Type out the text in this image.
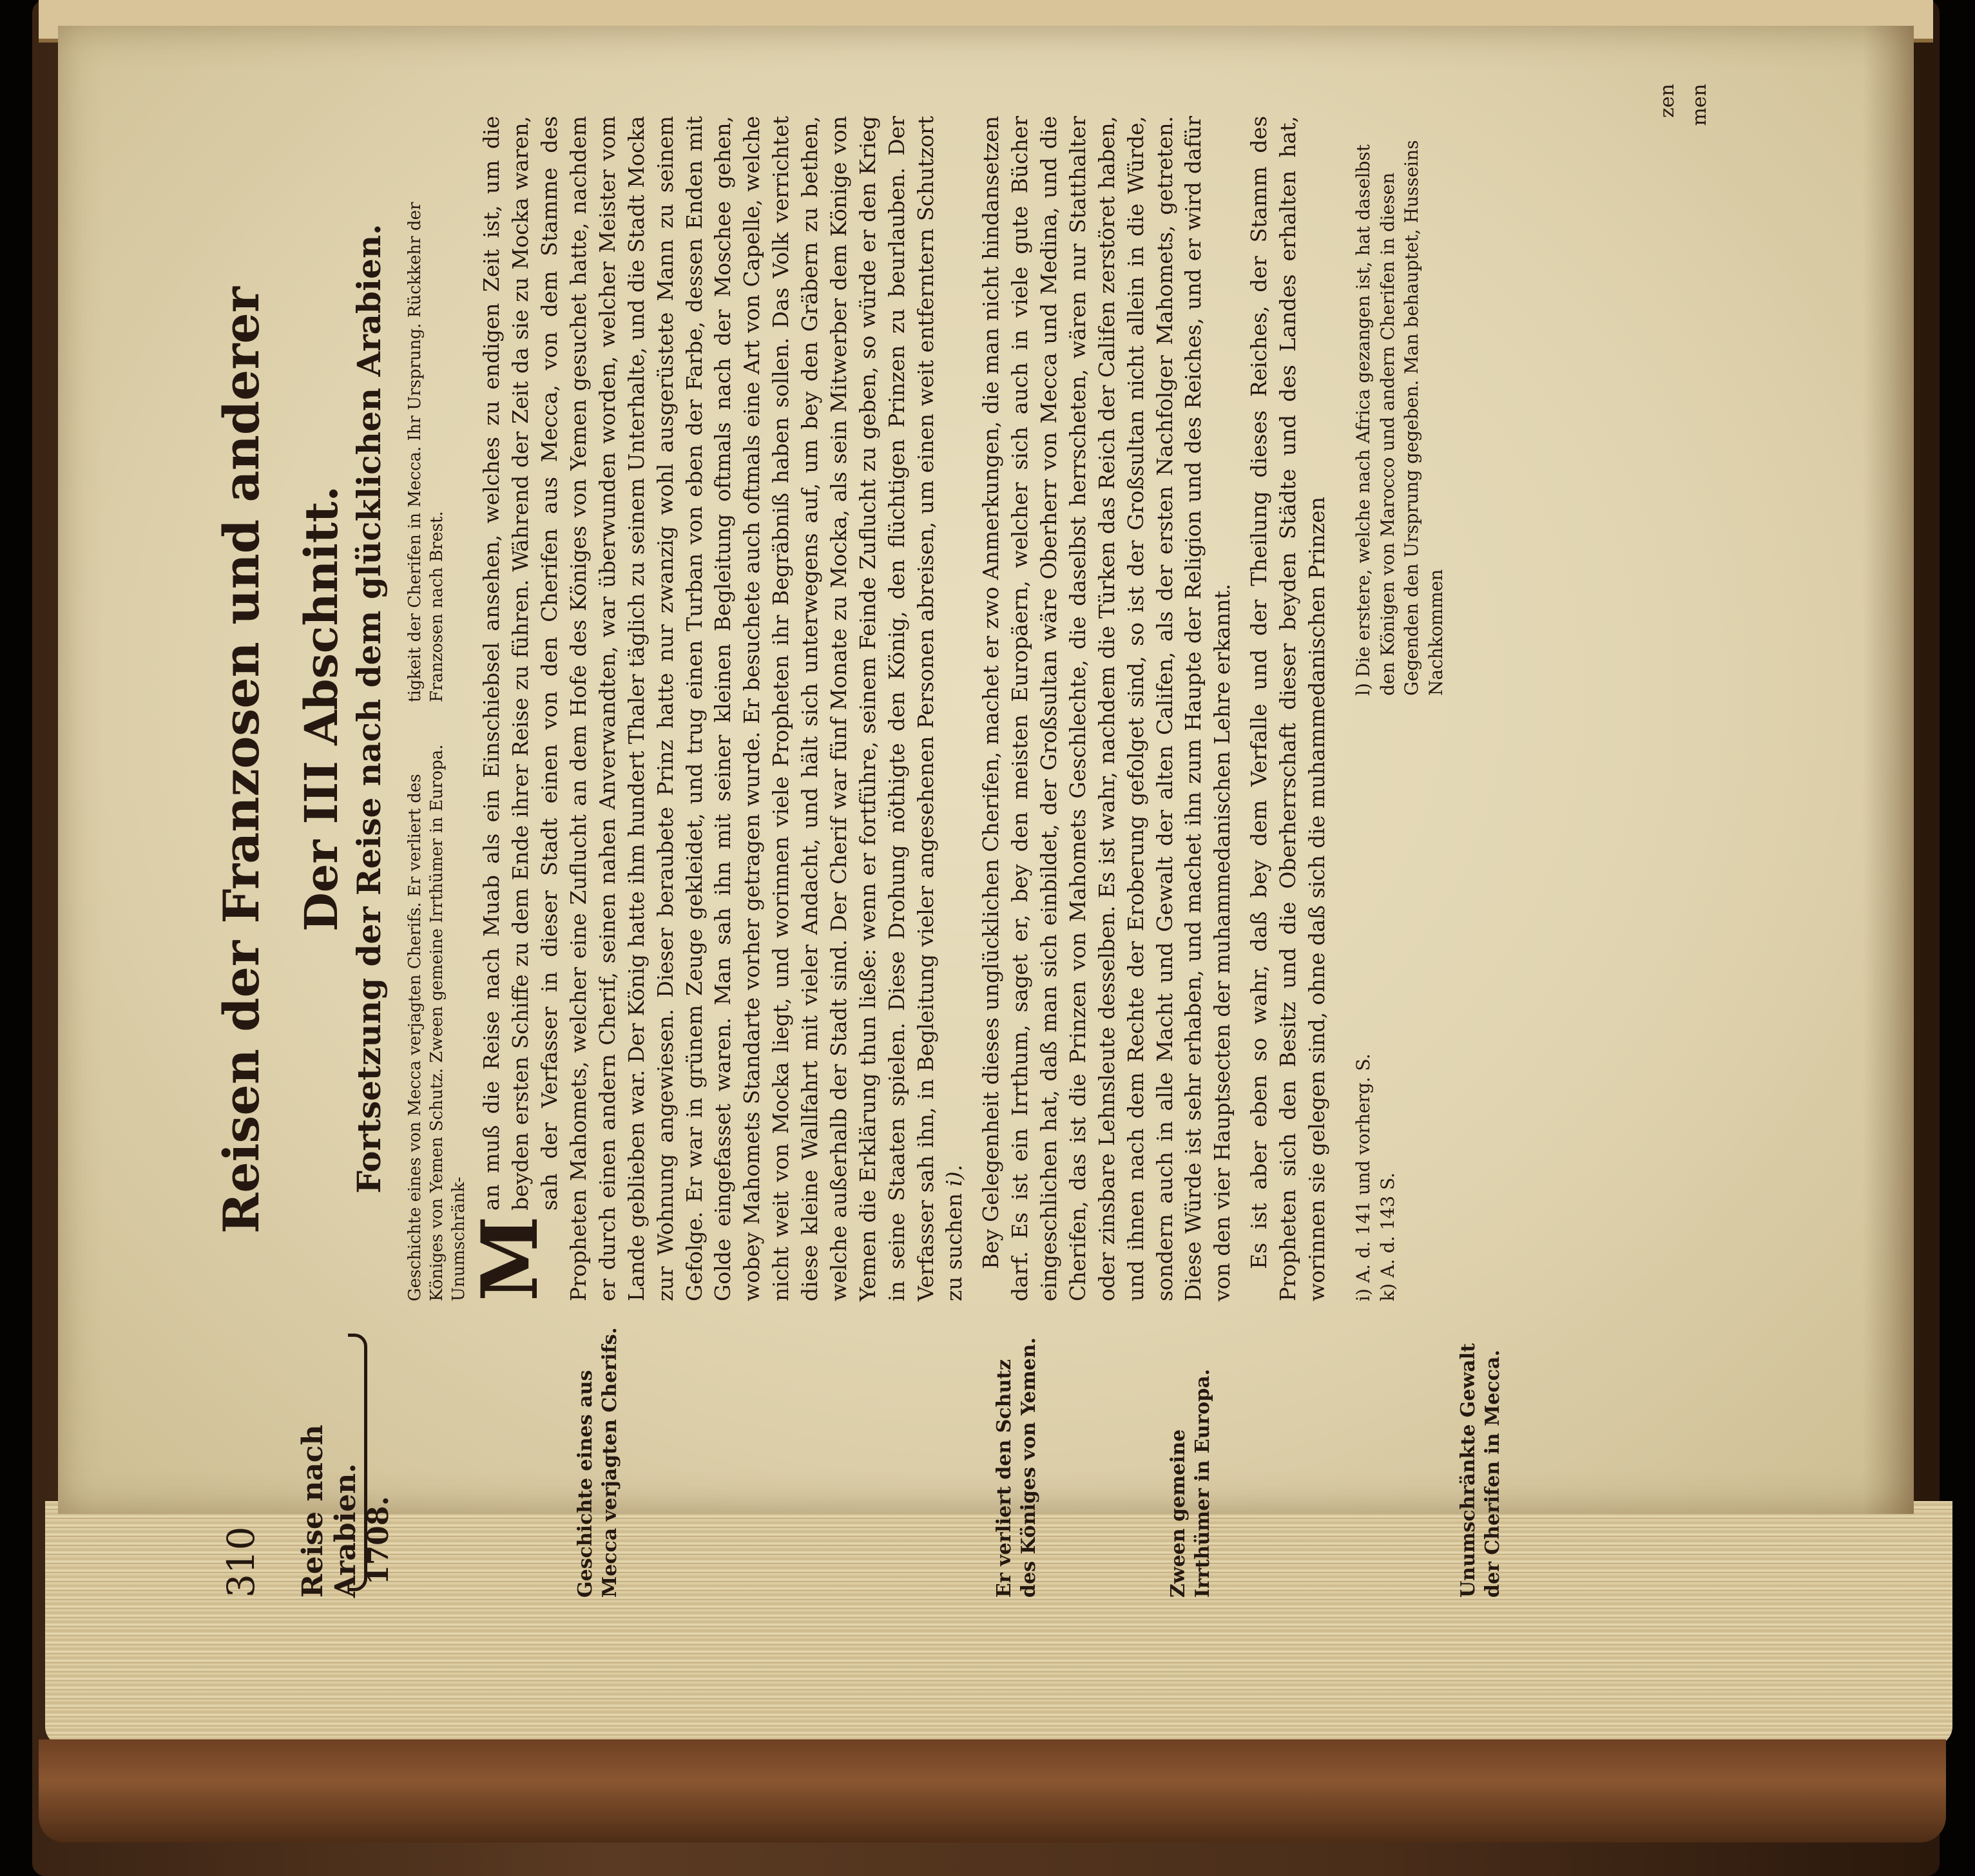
310
Reisen der Franzosen und anderer
Reise nach
Arabien. 1708.	Geschichte eines aus Mecca verjagten Cherifs.	Er verliert den Schutz des Königes von Yemen.	Zween gemeine Irrthümer in Europa.	Unumschränkte Gewalt der Cherifen in Mecca.
Der III Abschnitt. Fortsetzung der Reise nach dem glücklichen Arabien. Geschichte eines von Mecca verjagten Cherifs. Er verliert des Königes von Yemen Schutz. Zween gemeine Irrthümer in Europa. Unumschränk-
tigkeit der Cherifen in Mecca. Ihr Ursprung. Rückkehr der Franzosen nach Brest.
M
an muß die Reise nach Muab als ein Einschiebsel ansehen, welches zu endigen Zeit ist, um die beyden ersten Schiffe zu dem Ende ihrer Reise zu führen. Während der Zeit da sie zu Mocka waren, sah der Verfasser in dieser Stadt einen von den Cherifen aus Mecca, von dem Stamme des Propheten Mahomets, welcher eine Zuflucht an dem Hofe des Königes von Yemen gesuchet hatte, nachdem er durch einen andern Cherif, seinen nahen Anverwandten, war überwunden worden, welcher Meister vom Lande geblieben war. Der König hatte ihm hundert Thaler täglich zu seinem Unterhalte, und die Stadt Mocka zur Wohnung angewiesen. Dieser beraubete Prinz hatte nur zwanzig wohl ausgerüstete Mann zu seinem Gefolge. Er war in grünem Zeuge gekleidet, und trug einen Turban von eben der Farbe, dessen Enden mit Golde eingefasset waren. Man sah ihn mit seiner kleinen Begleitung oftmals nach der Moschee gehen, wobey Mahomets Standarte vorher getragen wurde. Er besuchete auch oftmals eine Art von Capelle, welche nicht weit von Mocka liegt, und worinnen viele Propheten ihr Begräbniß haben sollen. Das Volk verrichtet diese kleine Wallfahrt mit vieler Andacht, und hält sich unterwegens auf, um bey den Gräbern zu bethen, welche außerhalb der Stadt sind. Der Cherif war fünf Monate zu Mocka, als sein Mitwerber dem Könige von Yemen die Erklärung thun ließe: wenn er fortführe, seinem Feinde Zuflucht zu geben, so würde er den Krieg in seine Staaten spielen. Diese Drohung nöthigte den König, den flüchtigen Prinzen zu beurlauben. Der Verfasser sah ihn, in Begleitung vieler angesehenen Personen abreisen, um einen weit entferntern Schutzort zu suchen i). Bey Gelegenheit dieses unglücklichen Cherifen, machet er zwo Anmerkungen, die man nicht hindansetzen darf. Es ist ein Irrthum, saget er, bey den meisten Europäern, welcher sich auch in viele gute Bücher eingeschlichen hat, daß man sich einbildet, der Großsultan wäre Oberherr von Mecca und Medina, und die Cherifen, das ist die Prinzen von Mahomets Geschlechte, die daselbst herrscheten, wären nur Statthalter oder zinsbare Lehnsleute desselben. Es ist wahr, nachdem die Türken das Reich der Califen zerstöret haben, und ihnen nach dem Rechte der Eroberung gefolget sind, so ist der Großsultan nicht allein in die Würde, sondern auch in alle Macht und Gewalt der alten Califen, als der ersten Nachfolger Mahomets, getreten. Diese Würde ist sehr erhaben, und machet ihn zum Haupte der Religion und des Reiches, und er wird dafür von den vier Hauptsecten der muhammedanischen Lehre erkannt. Es ist aber eben so wahr, daß bey dem Verfalle und der Theilung dieses Reiches, der Stamm des Propheten sich den Besitz und die Oberherrschaft dieser beyden Städte und des Landes erhalten hat, worinnen sie gelegen sind, ohne daß sich die muhammedanischen Prinzen i) A. d. 141 und vorherg. S. k) A. d. 143 S.
l) Die erstere, welche nach Africa gezangen ist, hat daselbst den Königen von Marocco und andern Cherifen in diesen Gegenden den Ursprung gegeben. Man behauptet, Husseins Nachkommen
zen men
